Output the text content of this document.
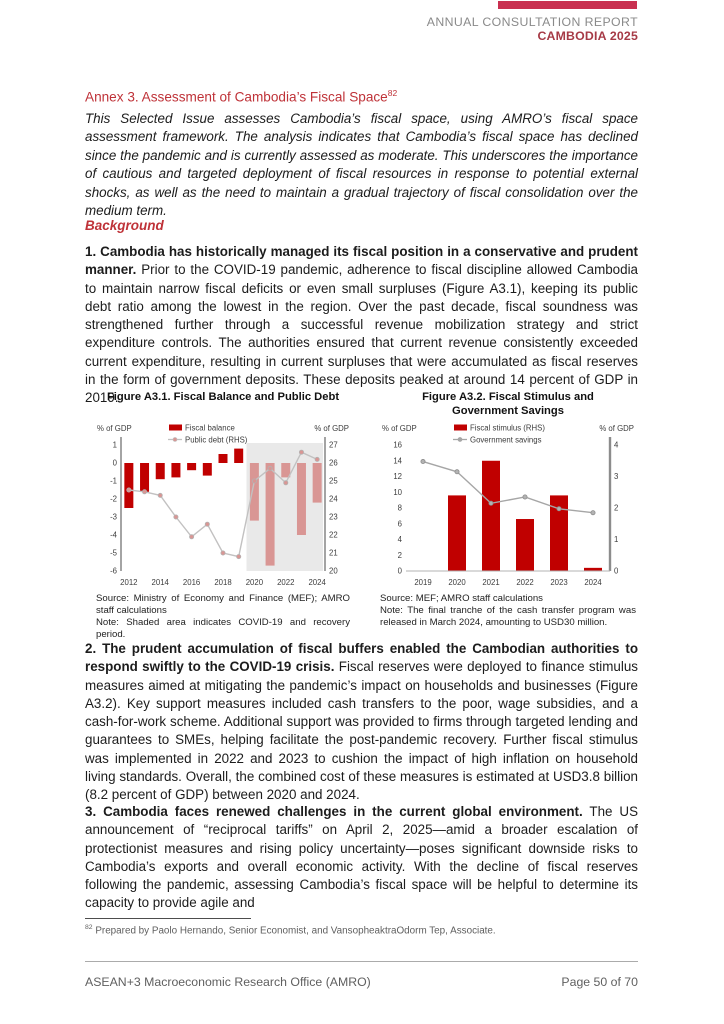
ANNUAL CONSULTATION REPORT
CAMBODIA 2025
Annex 3. Assessment of Cambodia’s Fiscal Space$^{82}$
This Selected Issue assesses Cambodia’s fiscal space, using AMRO’s fiscal space assessment framework. The analysis indicates that Cambodia’s fiscal space has declined since the pandemic and is currently assessed as moderate. This underscores the importance of cautious and targeted deployment of fiscal resources in response to potential external shocks, as well as the need to maintain a gradual trajectory of fiscal consolidation over the medium term.
Background
1. Cambodia has historically managed its fiscal position in a conservative and prudent manner. Prior to the COVID-19 pandemic, adherence to fiscal discipline allowed Cambodia to maintain narrow fiscal deficits or even small surpluses (Figure A3.1), keeping its public debt ratio among the lowest in the region. Over the past decade, fiscal soundness was strengthened further through a successful revenue mobilization strategy and strict expenditure controls. The authorities ensured that current revenue consistently exceeded current expenditure, resulting in current surpluses that were accumulated as fiscal reserves in the form of government deposits. These deposits peaked at around 14 percent of GDP in 2019.
Figure A3.1. Fiscal Balance and Public Debt
1
0
-1
-2
-3
-4
-5
-6
27
26
25
24
23
22
21
20
% of GDP	% of GDP
2012 2014 2016 2018 2020 2022 2024
Fiscal balance
Public debt (RHS)
Source: Ministry of Economy and Finance (MEF); AMRO staff calculations
Note: Shaded area indicates COVID-19 and recovery period.
Figure A3.2. Fiscal Stimulus and Government Savings
16
14
12
10
8
6
4
2
0
4
3
2
1
0
% of GDP	% of GDP
2019 2020 2021 2022 2023 2024
Fiscal stimulus (RHS)
Government savings
Source: MEF; AMRO staff calculations
Note: The final tranche of the cash transfer program was released in March 2024, amounting to USD30 million.
2. The prudent accumulation of fiscal buffers enabled the Cambodian authorities to respond swiftly to the COVID-19 crisis. Fiscal reserves were deployed to finance stimulus measures aimed at mitigating the pandemic’s impact on households and businesses (Figure A3.2). Key support measures included cash transfers to the poor, wage subsidies, and a cash-for-work scheme. Additional support was provided to firms through targeted lending and guarantees to SMEs, helping facilitate the post-pandemic recovery. Further fiscal stimulus was implemented in 2022 and 2023 to cushion the impact of high inflation on household living standards. Overall, the combined cost of these measures is estimated at USD3.8 billion (8.2 percent of GDP) between 2020 and 2024.
3. Cambodia faces renewed challenges in the current global environment. The US announcement of “reciprocal tariffs” on April 2, 2025—amid a broader escalation of protectionist measures and rising policy uncertainty—poses significant downside risks to Cambodia’s exports and overall economic activity. With the decline of fiscal reserves following the pandemic, assessing Cambodia’s fiscal space will be helpful to determine its capacity to provide agile and
$^{82}$ Prepared by Paolo Hernando, Senior Economist, and VansopheaktraOdorm Tep, Associate.
ASEAN+3 Macroeconomic Research Office (AMRO)	Page 50 of 70
